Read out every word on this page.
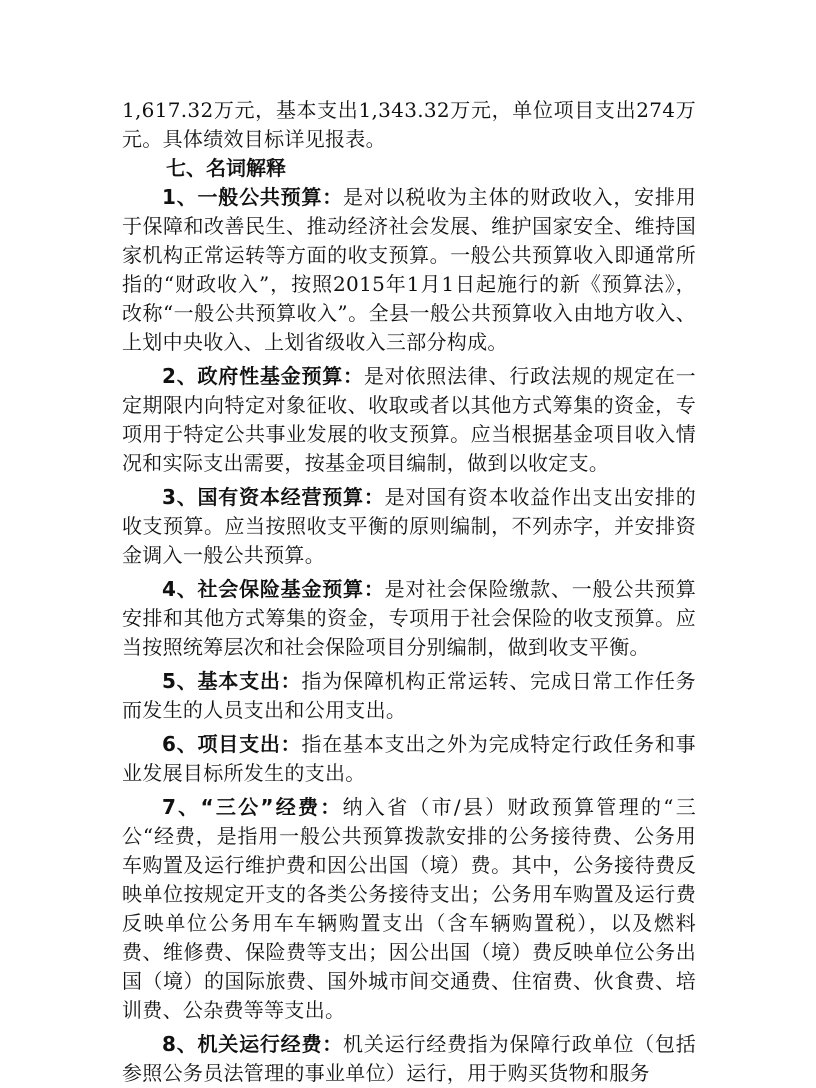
1,617.32万元，基本支出1,343.32万元，单位项目支出274万元。具体绩效目标详见报表。

七、名词解释

1、一般公共预算：是对以税收为主体的财政收入，安排用于保障和改善民生、推动经济社会发展、维护国家安全、维持国家机构正常运转等方面的收支预算。一般公共预算收入即通常所指的“财政收入”，按照2015年1月1日起施行的新《预算法》，改称“一般公共预算收入”。全县一般公共预算收入由地方收入、上划中央收入、上划省级收入三部分构成。

2、政府性基金预算：是对依照法律、行政法规的规定在一定期限内向特定对象征收、收取或者以其他方式筹集的资金，专项用于特定公共事业发展的收支预算。应当根据基金项目收入情况和实际支出需要，按基金项目编制，做到以收定支。

3、国有资本经营预算：是对国有资本收益作出支出安排的收支预算。应当按照收支平衡的原则编制，不列赤字，并安排资金调入一般公共预算。

4、社会保险基金预算：是对社会保险缴款、一般公共预算安排和其他方式筹集的资金，专项用于社会保险的收支预算。应当按照统筹层次和社会保险项目分别编制，做到收支平衡。

5、基本支出：指为保障机构正常运转、完成日常工作任务而发生的人员支出和公用支出。

6、项目支出：指在基本支出之外为完成特定行政任务和事业发展目标所发生的支出。

7、“三公”经费：纳入省（市/县）财政预算管理的“三公“经费，是指用一般公共预算拨款安排的公务接待费、公务用车购置及运行维护费和因公出国（境）费。其中，公务接待费反映单位按规定开支的各类公务接待支出；公务用车购置及运行费反映单位公务用车车辆购置支出（含车辆购置税），以及燃料费、维修费、保险费等支出；因公出国（境）费反映单位公务出国（境）的国际旅费、国外城市间交通费、住宿费、伙食费、培训费、公杂费等等支出。

8、机关运行经费：机关运行经费指为保障行政单位（包括参照公务员法管理的事业单位）运行，用于购买货物和服务
